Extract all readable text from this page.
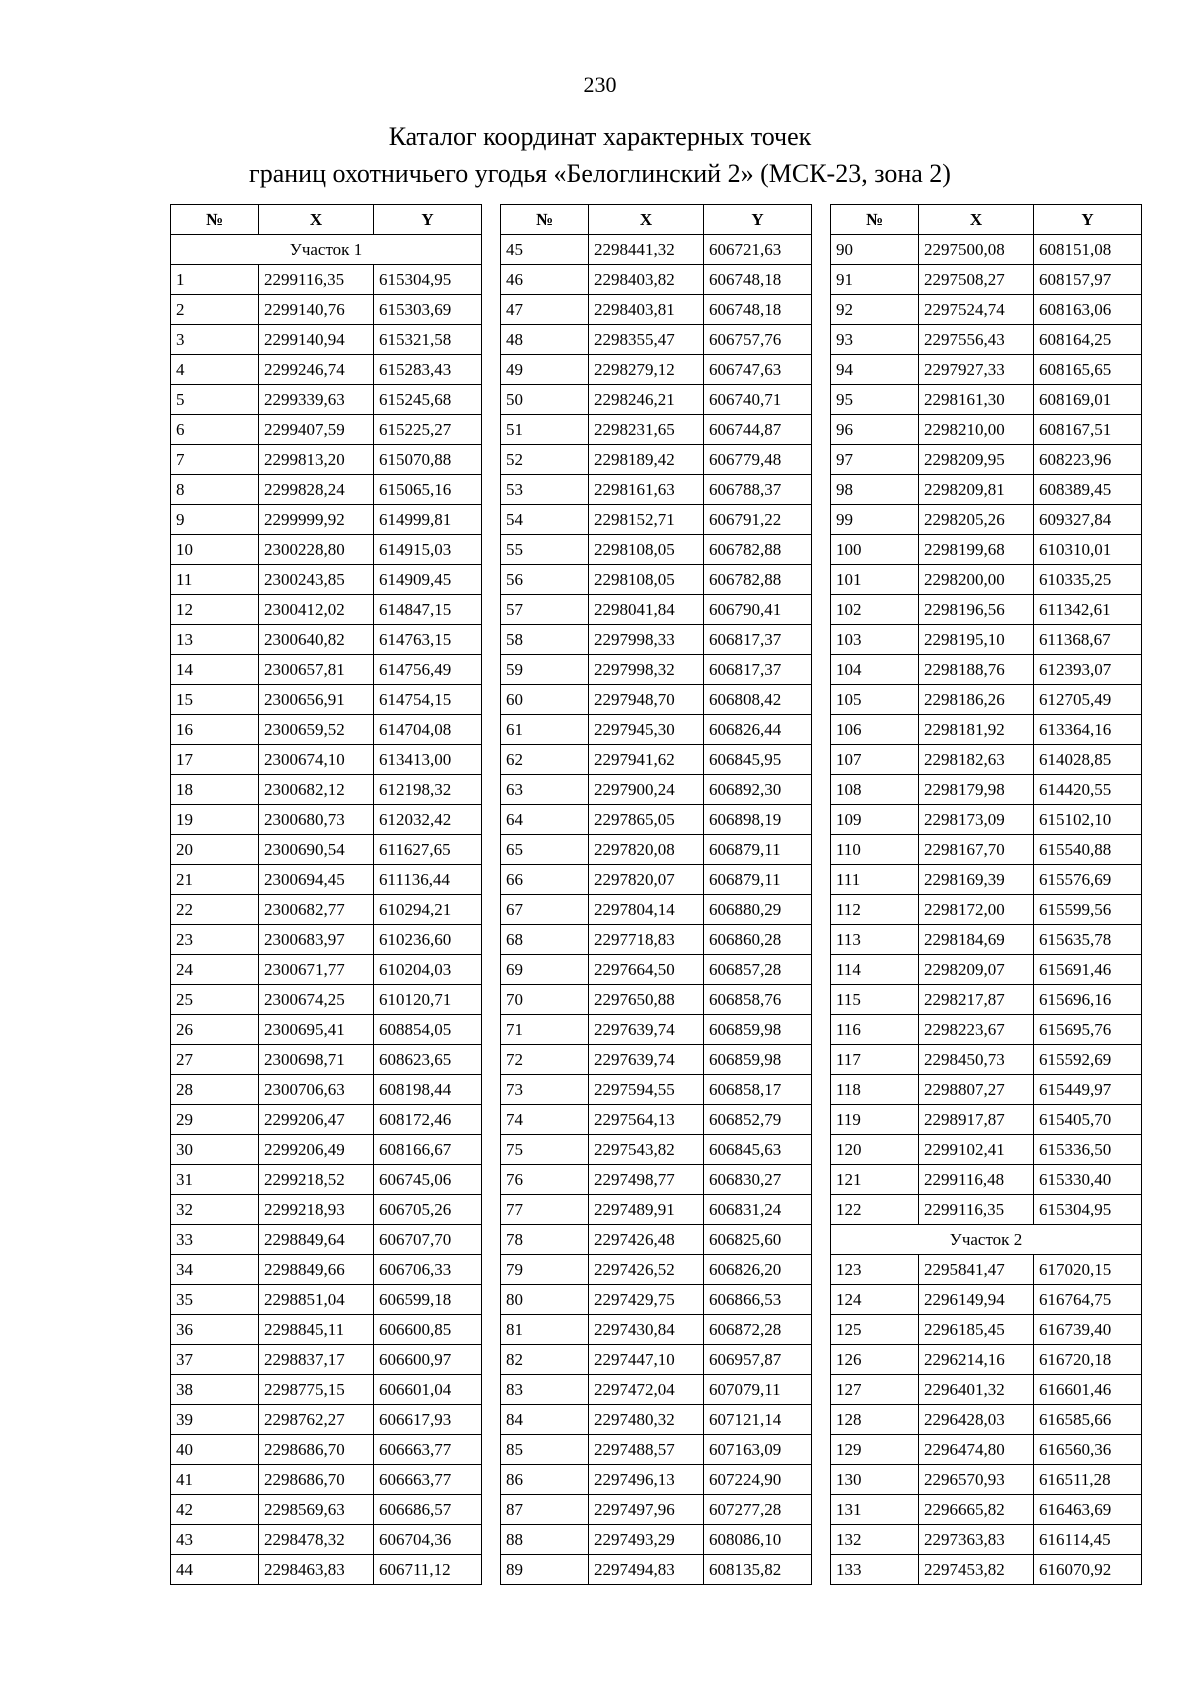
230
Каталог координат характерных точек
границ охотничьего угодья «Белоглинский 2» (МСК-23, зона 2)
№	X	Y
Участок 1		
1	2299116,35	615304,95
2	2299140,76	615303,69
3	2299140,94	615321,58
4	2299246,74	615283,43
5	2299339,63	615245,68
6	2299407,59	615225,27
7	2299813,20	615070,88
8	2299828,24	615065,16
9	2299999,92	614999,81
10	2300228,80	614915,03
11	2300243,85	614909,45
12	2300412,02	614847,15
13	2300640,82	614763,15
14	2300657,81	614756,49
15	2300656,91	614754,15
16	2300659,52	614704,08
17	2300674,10	613413,00
18	2300682,12	612198,32
19	2300680,73	612032,42
20	2300690,54	611627,65
21	2300694,45	611136,44
22	2300682,77	610294,21
23	2300683,97	610236,60
24	2300671,77	610204,03
25	2300674,25	610120,71
26	2300695,41	608854,05
27	2300698,71	608623,65
28	2300706,63	608198,44
29	2299206,47	608172,46
30	2299206,49	608166,67
31	2299218,52	606745,06
32	2299218,93	606705,26
33	2298849,64	606707,70
34	2298849,66	606706,33
35	2298851,04	606599,18
36	2298845,11	606600,85
37	2298837,17	606600,97
38	2298775,15	606601,04
39	2298762,27	606617,93
40	2298686,70	606663,77
41	2298686,70	606663,77
42	2298569,63	606686,57
43	2298478,32	606704,36
44	2298463,83	606711,12
№	X	Y
45	2298441,32	606721,63
46	2298403,82	606748,18
47	2298403,81	606748,18
48	2298355,47	606757,76
49	2298279,12	606747,63
50	2298246,21	606740,71
51	2298231,65	606744,87
52	2298189,42	606779,48
53	2298161,63	606788,37
54	2298152,71	606791,22
55	2298108,05	606782,88
56	2298108,05	606782,88
57	2298041,84	606790,41
58	2297998,33	606817,37
59	2297998,32	606817,37
60	2297948,70	606808,42
61	2297945,30	606826,44
62	2297941,62	606845,95
63	2297900,24	606892,30
64	2297865,05	606898,19
65	2297820,08	606879,11
66	2297820,07	606879,11
67	2297804,14	606880,29
68	2297718,83	606860,28
69	2297664,50	606857,28
70	2297650,88	606858,76
71	2297639,74	606859,98
72	2297639,74	606859,98
73	2297594,55	606858,17
74	2297564,13	606852,79
75	2297543,82	606845,63
76	2297498,77	606830,27
77	2297489,91	606831,24
78	2297426,48	606825,60
79	2297426,52	606826,20
80	2297429,75	606866,53
81	2297430,84	606872,28
82	2297447,10	606957,87
83	2297472,04	607079,11
84	2297480,32	607121,14
85	2297488,57	607163,09
86	2297496,13	607224,90
87	2297497,96	607277,28
88	2297493,29	608086,10
89	2297494,83	608135,82
№	X	Y
90	2297500,08	608151,08
91	2297508,27	608157,97
92	2297524,74	608163,06
93	2297556,43	608164,25
94	2297927,33	608165,65
95	2298161,30	608169,01
96	2298210,00	608167,51
97	2298209,95	608223,96
98	2298209,81	608389,45
99	2298205,26	609327,84
100	2298199,68	610310,01
101	2298200,00	610335,25
102	2298196,56	611342,61
103	2298195,10	611368,67
104	2298188,76	612393,07
105	2298186,26	612705,49
106	2298181,92	613364,16
107	2298182,63	614028,85
108	2298179,98	614420,55
109	2298173,09	615102,10
110	2298167,70	615540,88
111	2298169,39	615576,69
112	2298172,00	615599,56
113	2298184,69	615635,78
114	2298209,07	615691,46
115	2298217,87	615696,16
116	2298223,67	615695,76
117	2298450,73	615592,69
118	2298807,27	615449,97
119	2298917,87	615405,70
120	2299102,41	615336,50
121	2299116,48	615330,40
122	2299116,35	615304,95
Участок 2		
123	2295841,47	617020,15
124	2296149,94	616764,75
125	2296185,45	616739,40
126	2296214,16	616720,18
127	2296401,32	616601,46
128	2296428,03	616585,66
129	2296474,80	616560,36
130	2296570,93	616511,28
131	2296665,82	616463,69
132	2297363,83	616114,45
133	2297453,82	616070,92
